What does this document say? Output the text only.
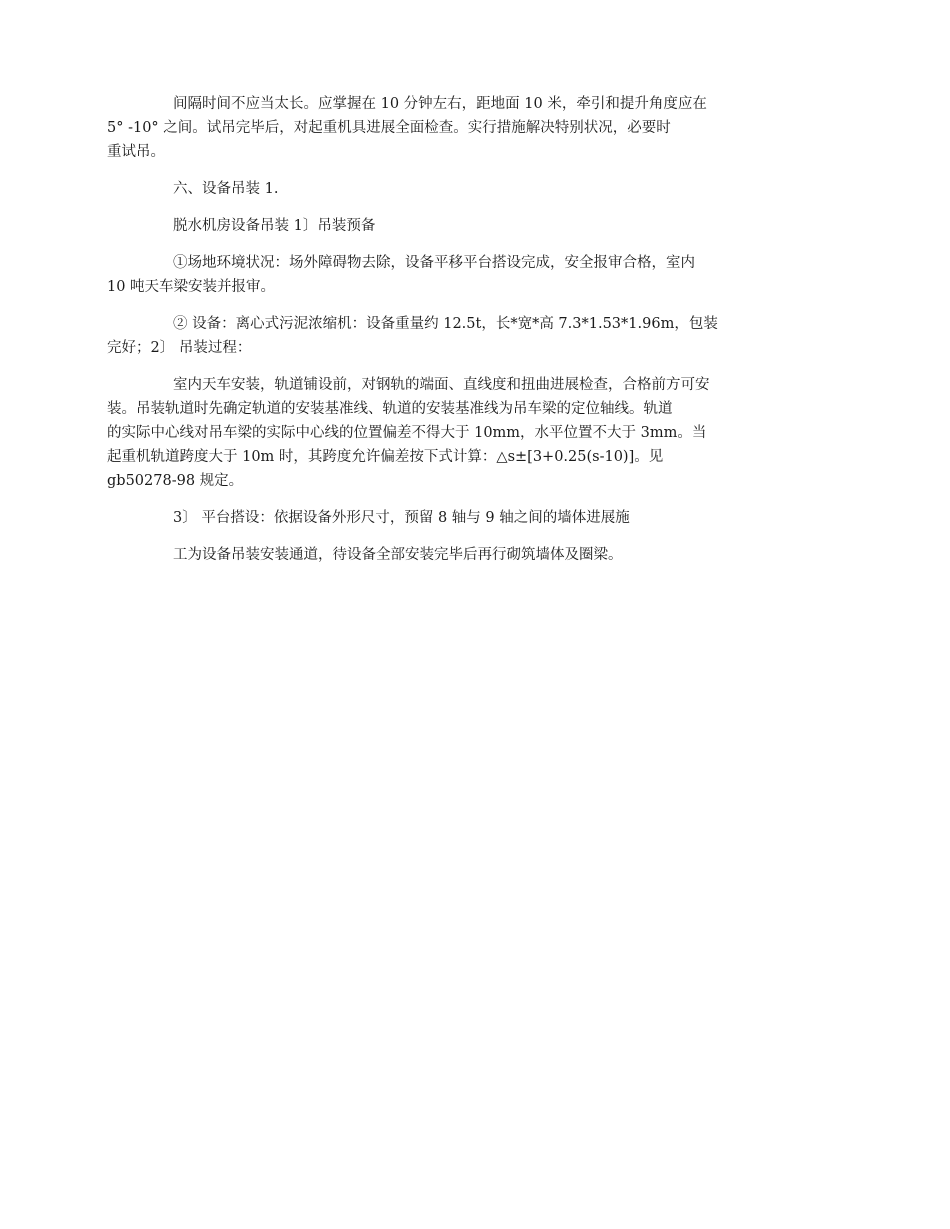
间隔时间不应当太长。应掌握在 10 分钟左右，距地面 10 米，牵引和提升角度应在
5° -10° 之间。试吊完毕后，对起重机具进展全面检查。实行措施解决特别状况，必要时
重试吊。

六、设备吊装 1.

脱水机房设备吊装 1〕吊装预备

①场地环境状况：场外障碍物去除，设备平移平台搭设完成，安全报审合格，室内
10 吨天车梁安装并报审。

② 设备：离心式污泥浓缩机：设备重量约 12.5t，长*宽*高 7.3*1.53*1.96m，包装
完好；2〕 吊装过程：

室内天车安装，轨道铺设前，对钢轨的端面、直线度和扭曲进展检查，合格前方可安
装。吊装轨道时先确定轨道的安装基准线、轨道的安装基准线为吊车梁的定位轴线。轨道
的实际中心线对吊车梁的实际中心线的位置偏差不得大于 10mm，水平位置不大于 3mm。当
起重机轨道跨度大于 10m 时，其跨度允许偏差按下式计算：△s±[3+0.25(s-10)]。见
gb50278-98 规定。

3〕 平台搭设：依据设备外形尺寸，预留 8 轴与 9 轴之间的墙体进展施

工为设备吊装安装通道，待设备全部安装完毕后再行砌筑墙体及圈梁。
